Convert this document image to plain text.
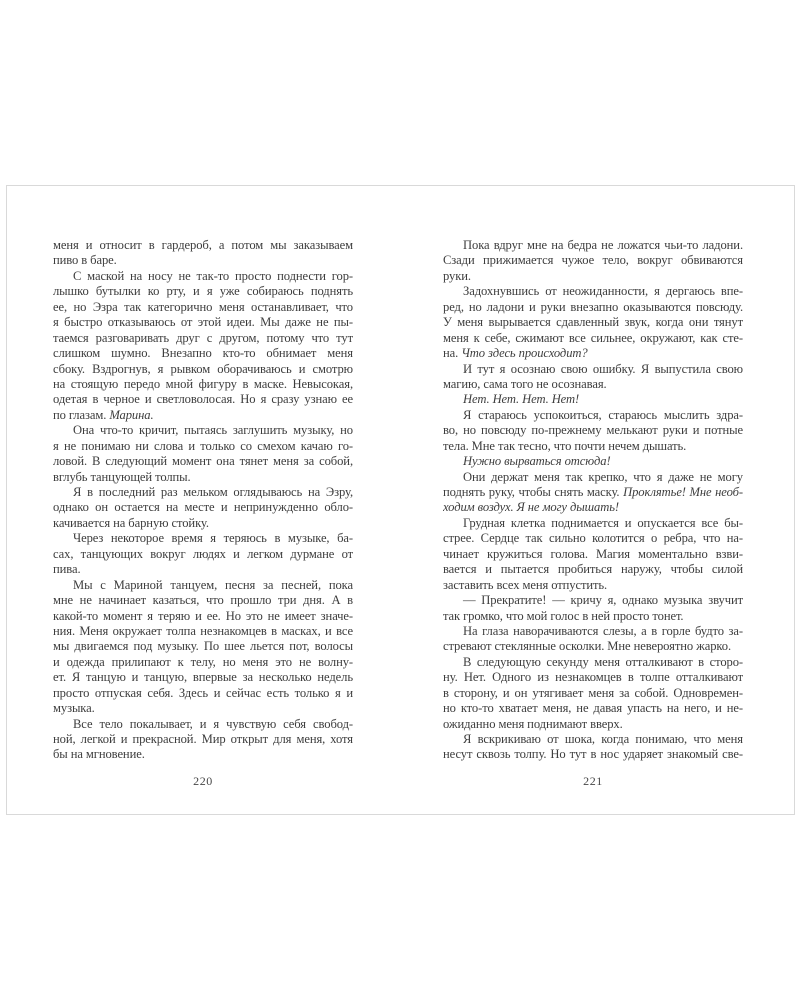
меня и относит в гардероб, а потом мы заказываем
пиво в баре.
С маской на носу не так-то просто поднести гор-
лышко бутылки ко рту, и я уже собираюсь поднять
ее, но Эзра так категорично меня останавливает, что
я быстро отказываюсь от этой идеи. Мы даже не пы-
таемся разговаривать друг с другом, потому что тут
слишком шумно. Внезапно кто-то обнимает меня
сбоку. Вздрогнув, я рывком оборачиваюсь и смотрю
на стоящую передо мной фигуру в маске. Невысокая,
одетая в черное и светловолосая. Но я сразу узнаю ее
по глазам. Марина.
Она что-то кричит, пытаясь заглушить музыку, но
я не понимаю ни слова и только со смехом качаю го-
ловой. В следующий момент она тянет меня за собой,
вглубь танцующей толпы.
Я в последний раз мельком оглядываюсь на Эзру,
однако он остается на месте и непринужденно обло-
качивается на барную стойку.
Через некоторое время я теряюсь в музыке, ба-
сах, танцующих вокруг людях и легком дурмане от
пива.
Мы с Мариной танцуем, песня за песней, пока
мне не начинает казаться, что прошло три дня. А в
какой-то момент я теряю и ее. Но это не имеет значе-
ния. Меня окружает толпа незнакомцев в масках, и все
мы двигаемся под музыку. По шее льется пот, волосы
и одежда прилипают к телу, но меня это не волну-
ет. Я танцую и танцую, впервые за несколько недель
просто отпуская себя. Здесь и сейчас есть только я и
музыка.
Все тело покалывает, и я чувствую себя свобод-
ной, легкой и прекрасной. Мир открыт для меня, хотя
бы на мгновение.
220
Пока вдруг мне на бедра не ложатся чьи-то ладони.
Сзади прижимается чужое тело, вокруг обвиваются
руки.
Задохнувшись от неожиданности, я дергаюсь впе-
ред, но ладони и руки внезапно оказываются повсюду.
У меня вырывается сдавленный звук, когда они тянут
меня к себе, сжимают все сильнее, окружают, как сте-
на. Что здесь происходит?
И тут я осознаю свою ошибку. Я выпустила свою
магию, сама того не осознавая.
Нет. Нет. Нет. Нет!
Я стараюсь успокоиться, стараюсь мыслить здра-
во, но повсюду по-прежнему мелькают руки и потные
тела. Мне так тесно, что почти нечем дышать.
Нужно вырваться отсюда!
Они держат меня так крепко, что я даже не могу
поднять руку, чтобы снять маску. Проклятье! Мне необ-
ходим воздух. Я не могу дышать!
Грудная клетка поднимается и опускается все бы-
стрее. Сердце так сильно колотится о ребра, что на-
чинает кружиться голова. Магия моментально взви-
вается и пытается пробиться наружу, чтобы силой
заставить всех меня отпустить.
— Прекратите! — кричу я, однако музыка звучит
так громко, что мой голос в ней просто тонет.
На глаза наворачиваются слезы, а в горле будто за-
стревают стеклянные осколки. Мне невероятно жарко.
В следующую секунду меня отталкивают в сторо-
ну. Нет. Одного из незнакомцев в толпе отталкивают
в сторону, и он утягивает меня за собой. Одновремен-
но кто-то хватает меня, не давая упасть на него, и не-
ожиданно меня поднимают вверх.
Я вскрикиваю от шока, когда понимаю, что меня
несут сквозь толпу. Но тут в нос ударяет знакомый све-
221
